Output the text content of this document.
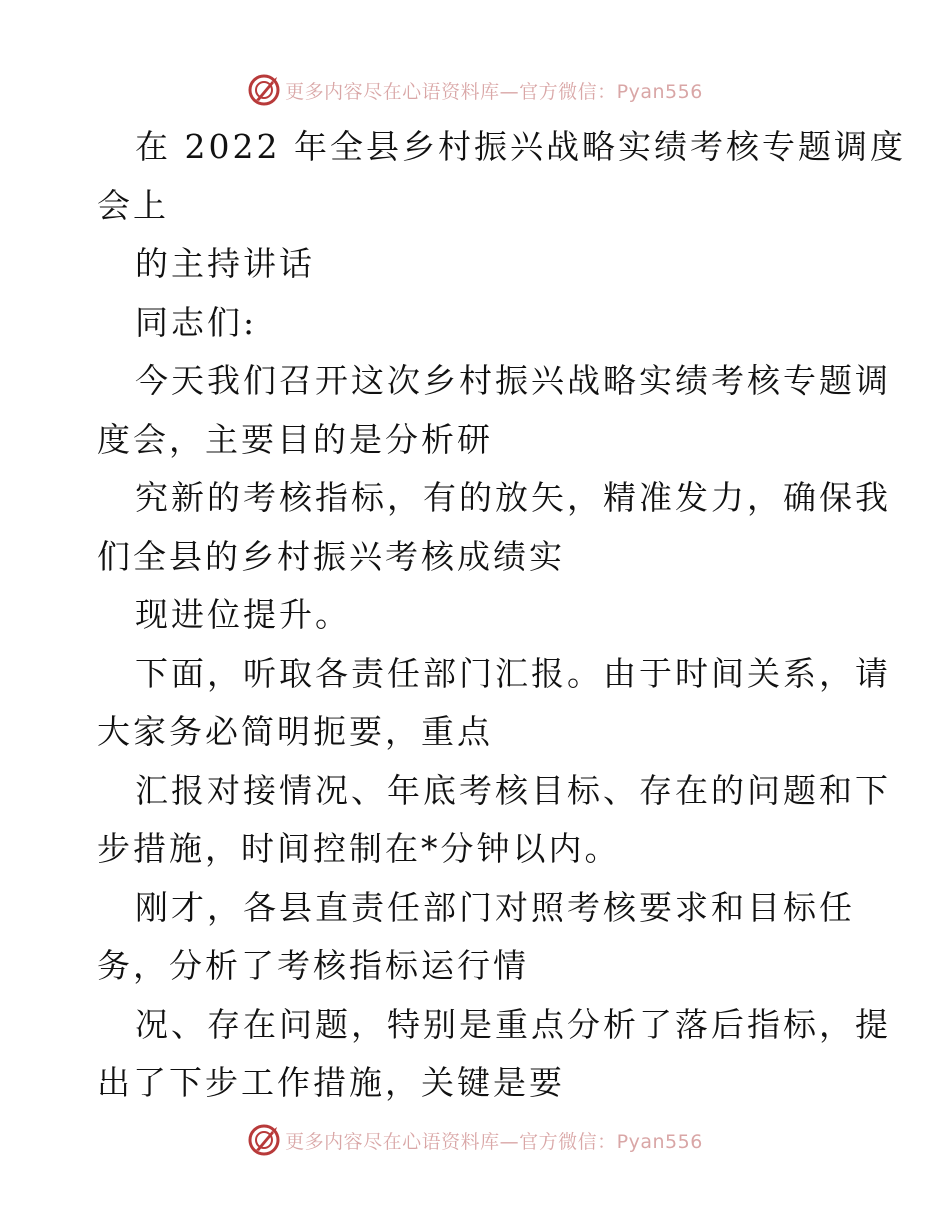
更多内容尽在心语资料库—官方微信：Pyan556
在 2022 年全县乡村振兴战略实绩考核专题调度
会上
的主持讲话
同志们:
今天我们召开这次乡村振兴战略实绩考核专题调
度会，主要目的是分析研
究新的考核指标，有的放矢，精准发力，确保我
们全县的乡村振兴考核成绩实
现进位提升。
下面，听取各责任部门汇报。由于时间关系，请
大家务必简明扼要，重点
汇报对接情况、年底考核目标、存在的问题和下
步措施，时间控制在*分钟以内。
刚才，各县直责任部门对照考核要求和目标任
务，分析了考核指标运行情
况、存在问题，特别是重点分析了落后指标，提
出了下步工作措施，关键是要
更多内容尽在心语资料库—官方微信：Pyan556
